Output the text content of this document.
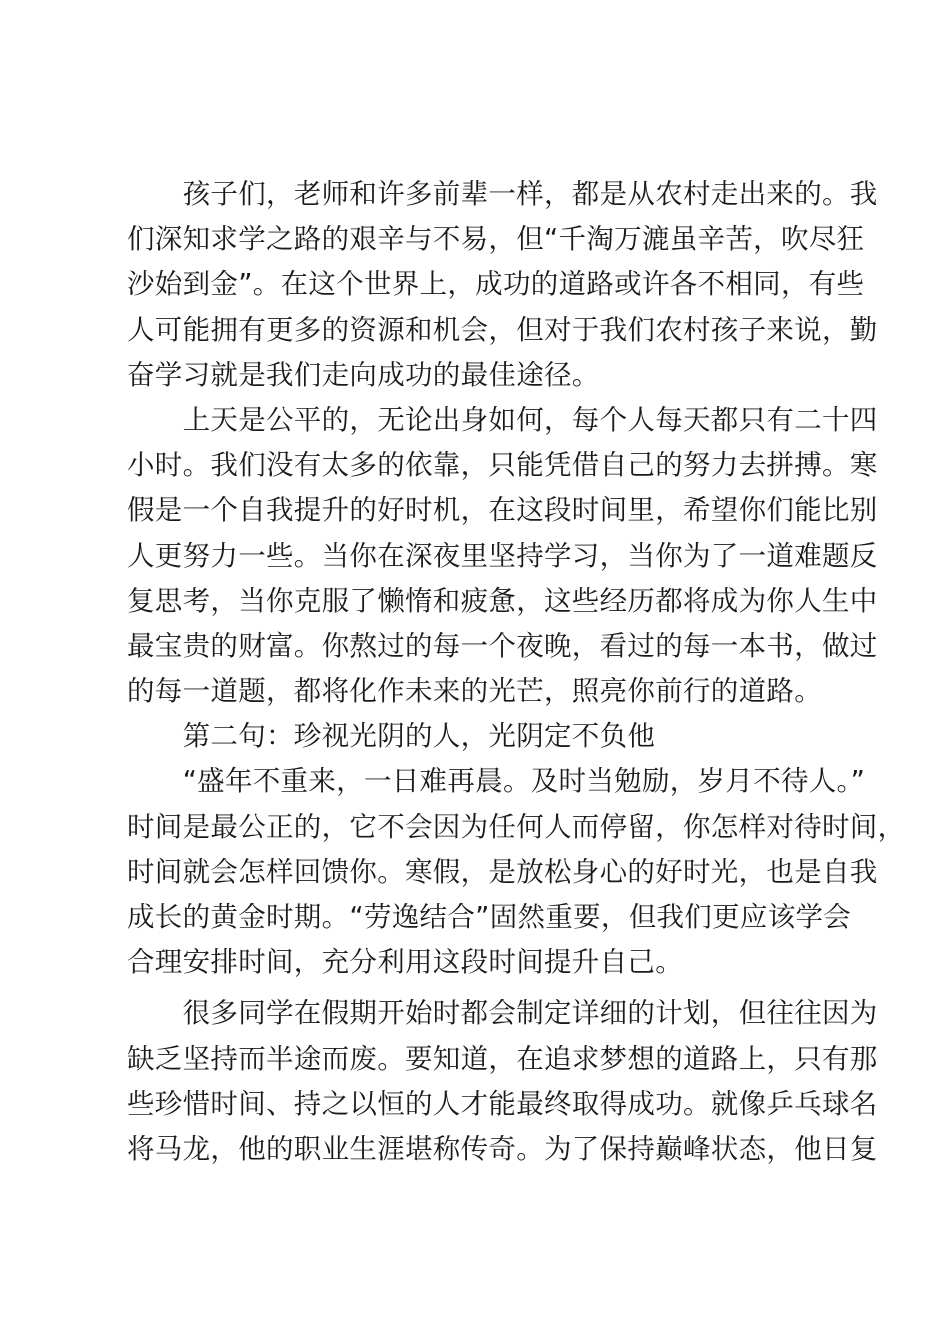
　　孩子们，老师和许多前辈一样，都是从农村走出来的。我
们深知求学之路的艰辛与不易，但“千淘万漉虽辛苦，吹尽狂
沙始到金”。在这个世界上，成功的道路或许各不相同，有些
人可能拥有更多的资源和机会，但对于我们农村孩子来说，勤
奋学习就是我们走向成功的最佳途径。
　　上天是公平的，无论出身如何，每个人每天都只有二十四
小时。我们没有太多的依靠，只能凭借自己的努力去拼搏。寒
假是一个自我提升的好时机，在这段时间里，希望你们能比别
人更努力一些。当你在深夜里坚持学习，当你为了一道难题反
复思考，当你克服了懒惰和疲惫，这些经历都将成为你人生中
最宝贵的财富。你熬过的每一个夜晚，看过的每一本书，做过
的每一道题，都将化作未来的光芒，照亮你前行的道路。
　　第二句：珍视光阴的人，光阴定不负他
　　“盛年不重来，一日难再晨。及时当勉励，岁月不待人。”
时间是最公正的，它不会因为任何人而停留，你怎样对待时间，
时间就会怎样回馈你。寒假，是放松身心的好时光，也是自我
成长的黄金时期。“劳逸结合”固然重要，但我们更应该学会
合理安排时间，充分利用这段时间提升自己。
　　很多同学在假期开始时都会制定详细的计划，但往往因为
缺乏坚持而半途而废。要知道，在追求梦想的道路上，只有那
些珍惜时间、持之以恒的人才能最终取得成功。就像乒乓球名
将马龙，他的职业生涯堪称传奇。为了保持巅峰状态，他日复
